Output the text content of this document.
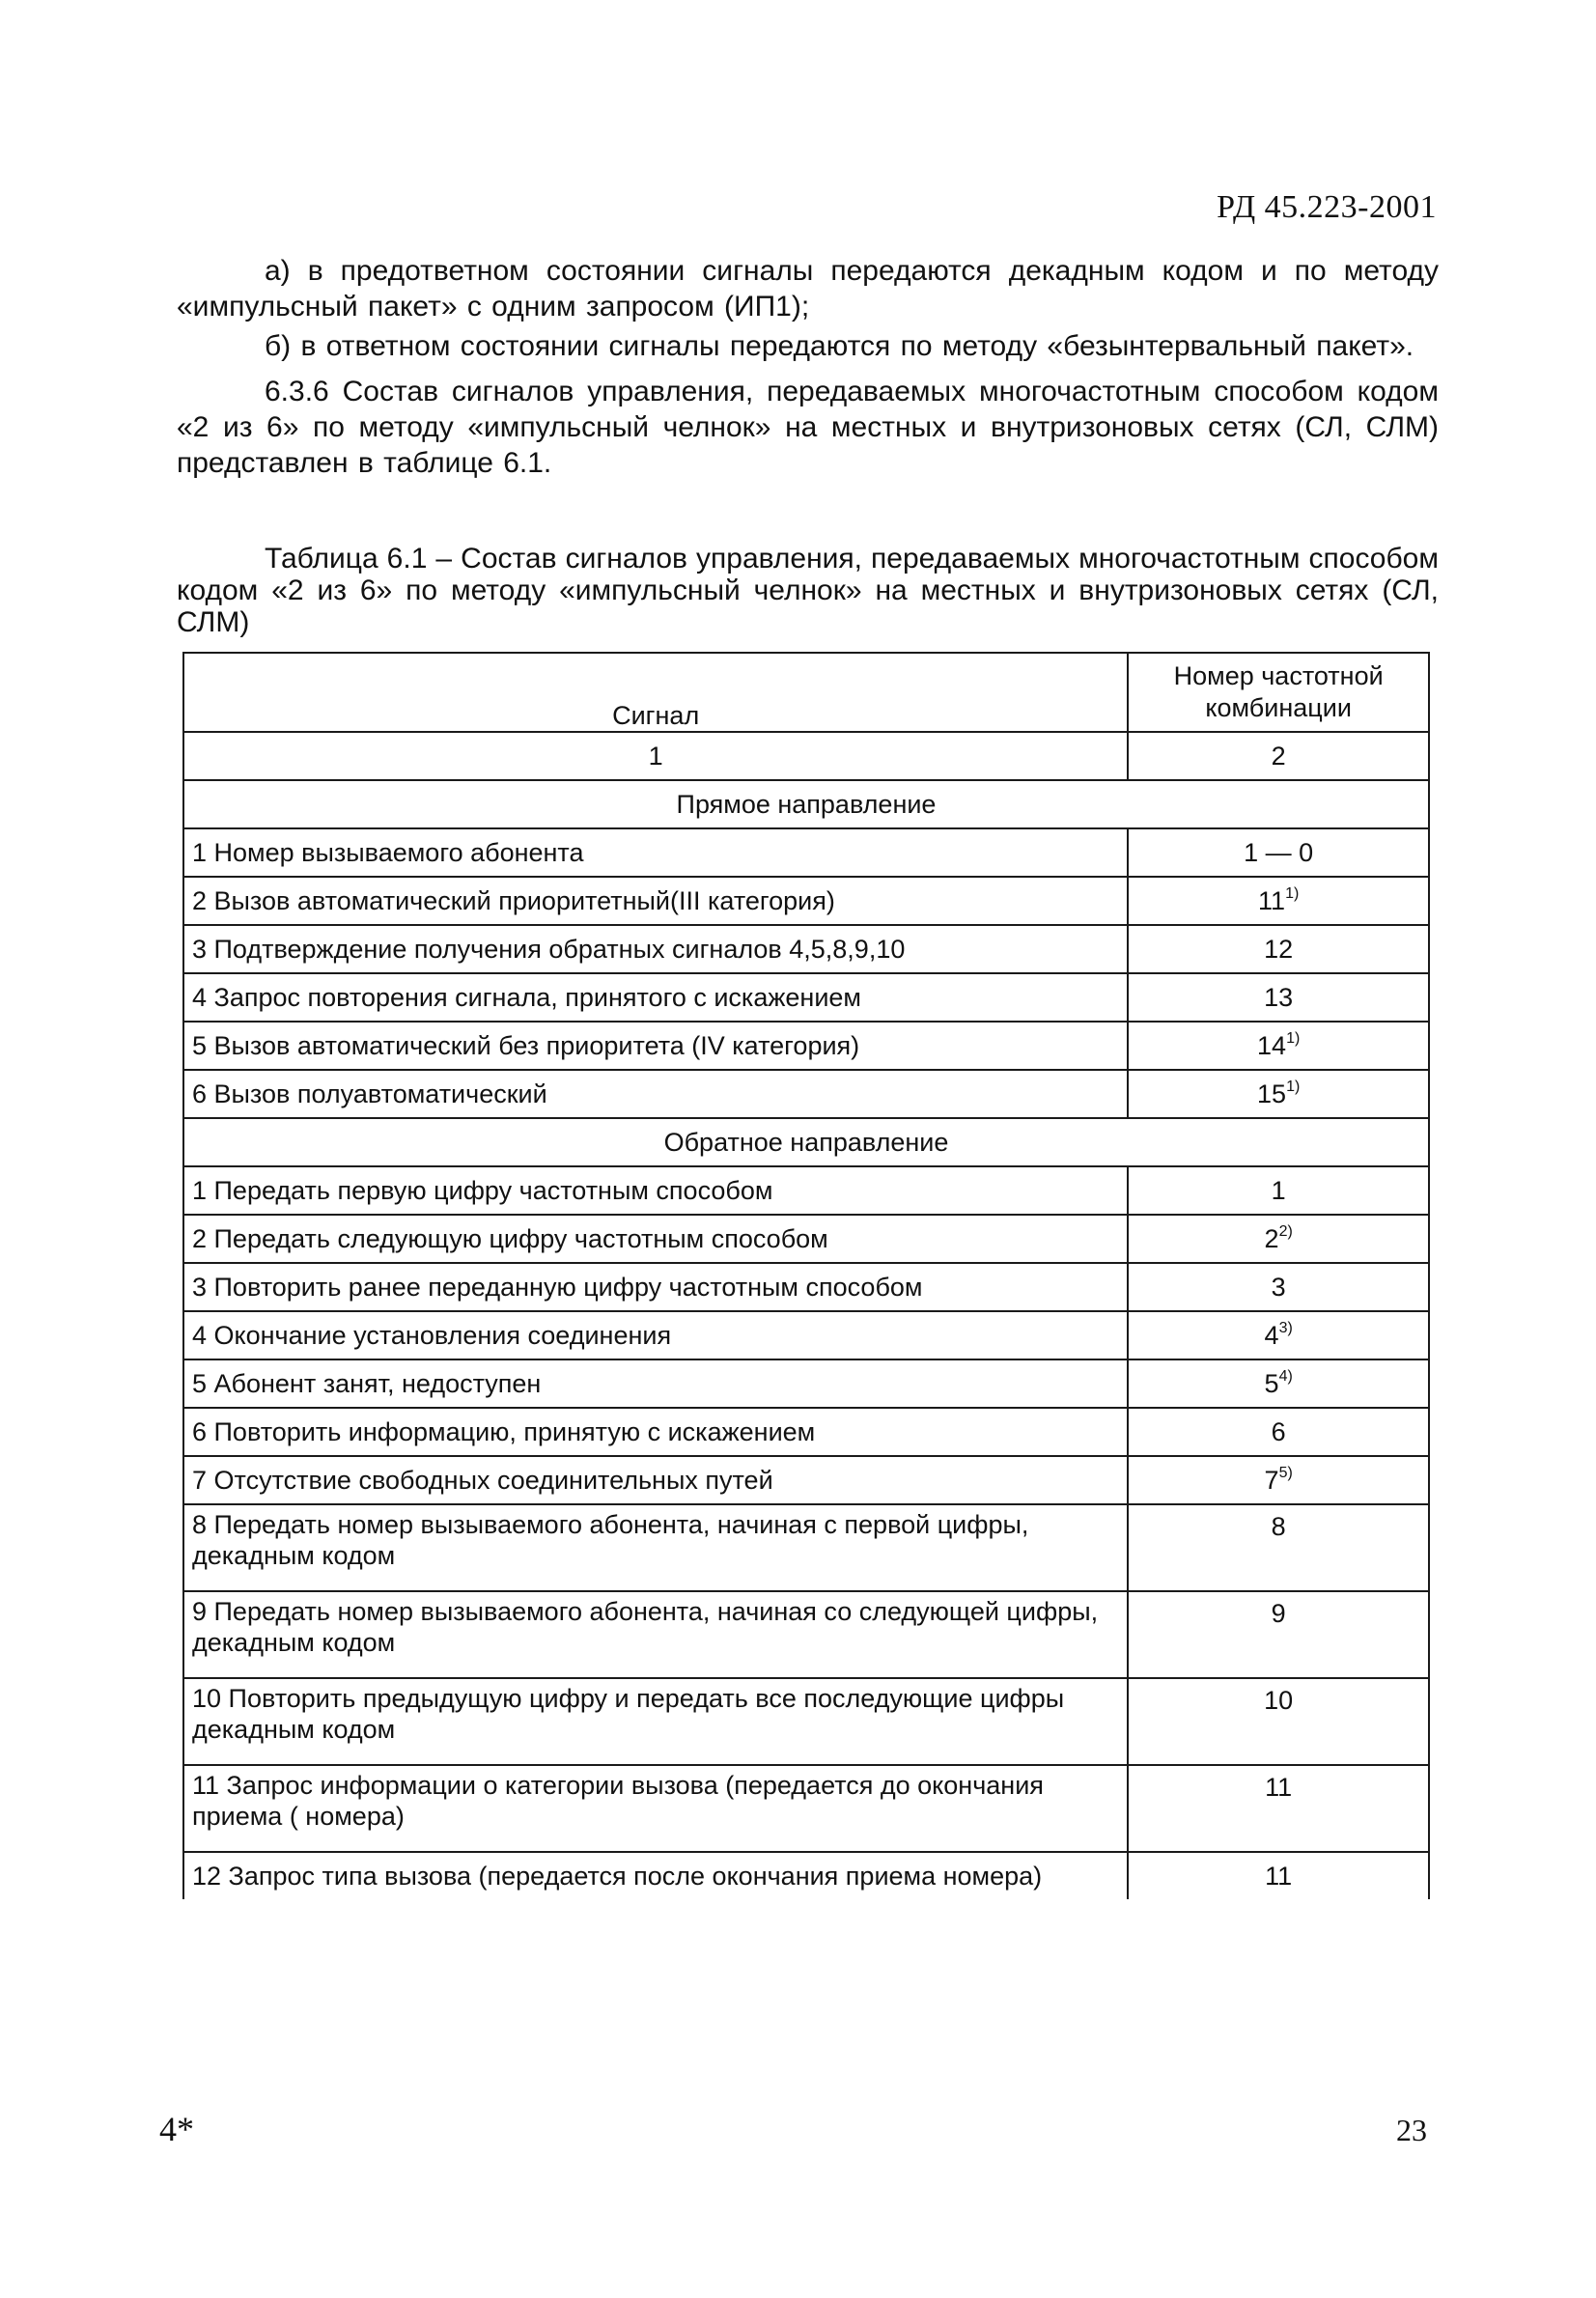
РД 45.223-2001

а) в предответном состоянии сигналы передаются декадным кодом и по методу «импульсный пакет» с одним запросом (ИП1);

б) в ответном состоянии сигналы передаются по методу «безынтервальный пакет».

6.3.6 Состав сигналов управления, передаваемых многочастотным способом кодом «2 из 6» по методу «импульсный челнок» на местных и внутризоновых сетях (СЛ, СЛМ) представлен в таблице 6.1.

Таблица 6.1 – Состав сигналов управления, передаваемых многочастотным способом кодом «2 из 6» по методу «импульсный челнок» на местных и внутризоновых сетях (СЛ, СЛМ)

Сигнал	Номер частотной
комбинации

1	2
Прямое направление	
1 Номер вызываемого абонента	1 — 0
2 Вызов автоматический приоритетный(III категория)	11$^{1)}$
3 Подтверждение получения обратных сигналов 4,5,8,9,10	12
4 Запрос повторения сигнала, принятого с искажением	13
5 Вызов автоматический без приоритета (IV категория)	14$^{1)}$
6 Вызов полуавтоматический	15$^{1)}$
Обратное направление	
1 Передать первую цифру частотным способом	1
2 Передать следующую цифру частотным способом	2$^{2)}$
3 Повторить ранее переданную цифру частотным способом	3
4 Окончание установления соединения	4$^{3)}$
5 Абонент занят, недоступен	5$^{4)}$
6 Повторить информацию, принятую с искажением	6
7 Отсутствие свободных соединительных путей	7$^{5)}$
8 Передать номер вызываемого абонента, начиная с первой цифры, декадным кодом	8
9 Передать номер вызываемого абонента, начиная со следующей цифры, декадным кодом	9
10 Повторить предыдущую цифру и передать все последующие цифры декадным кодом	10
11 Запрос информации о категории вызова (передается до окончания приема ( номера)	11
12 Запрос типа вызова (передается после окончания приема номера)	11
4*	23
